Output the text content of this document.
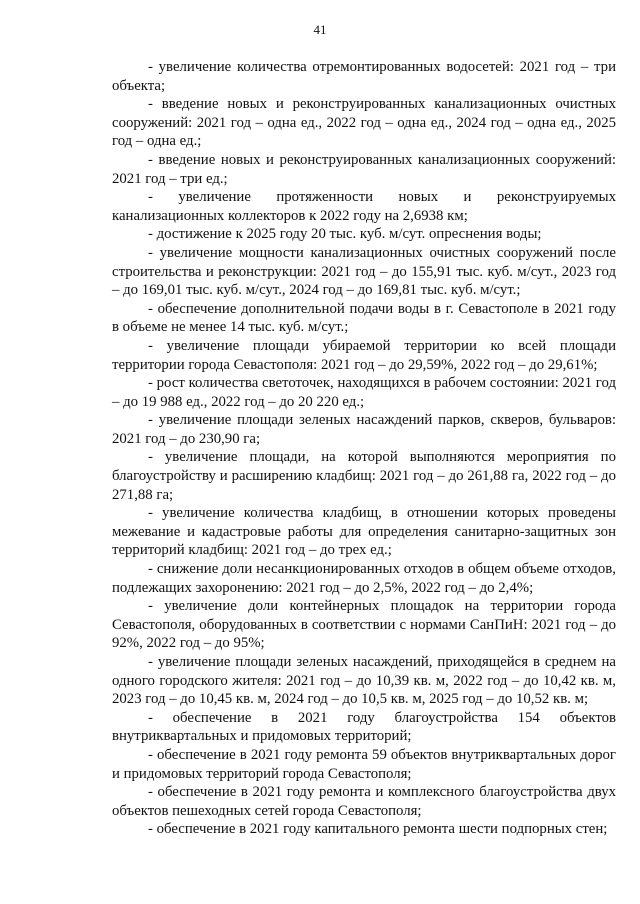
41

- увеличение количества отремонтированных водосетей: 2021 год – три объекта;

- введение новых и реконструированных канализационных очистных сооружений: 2021 год – одна ед., 2022 год – одна ед., 2024 год – одна ед., 2025 год – одна ед.;

- введение новых и реконструированных канализационных сооружений: 2021 год – три ед.;

- увеличение протяженности новых и реконструируемых канализационных коллекторов к 2022 году на 2,6938 км;

- достижение к 2025 году 20 тыс. куб. м/сут. опреснения воды;

- увеличение мощности канализационных очистных сооружений после строительства и реконструкции: 2021 год – до 155,91 тыс. куб. м/сут., 2023 год – до 169,01 тыс. куб. м/сут., 2024 год – до 169,81 тыс. куб. м/сут.;

- обеспечение дополнительной подачи воды в г. Севастополе в 2021 году в объеме не менее 14 тыс. куб. м/сут.;

- увеличение площади убираемой территории ко всей площади территории города Севастополя: 2021 год – до 29,59%, 2022 год – до 29,61%;

- рост количества светоточек, находящихся в рабочем состоянии: 2021 год – до 19 988 ед., 2022 год – до 20 220 ед.;

- увеличение площади зеленых насаждений парков, скверов, бульваров: 2021 год – до 230,90 га;

- увеличение площади, на которой выполняются мероприятия по благоустройству и расширению кладбищ: 2021 год – до 261,88 га, 2022 год – до 271,88 га;

- увеличение количества кладбищ, в отношении которых проведены межевание и кадастровые работы для определения санитарно-защитных зон территорий кладбищ: 2021 год – до трех ед.;

- снижение доли несанкционированных отходов в общем объеме отходов, подлежащих захоронению: 2021 год – до 2,5%, 2022 год – до 2,4%;

- увеличение доли контейнерных площадок на территории города Севастополя, оборудованных в соответствии с нормами СанПиН: 2021 год – до 92%, 2022 год – до 95%;

- увеличение площади зеленых насаждений, приходящейся в среднем на одного городского жителя: 2021 год – до 10,39 кв. м, 2022 год – до 10,42 кв. м, 2023 год – до 10,45 кв. м, 2024 год – до 10,5 кв. м, 2025 год – до 10,52 кв. м;

- обеспечение в 2021 году благоустройства 154 объектов внутриквартальных и придомовых территорий;

- обеспечение в 2021 году ремонта 59 объектов внутриквартальных дорог и придомовых территорий города Севастополя;

- обеспечение в 2021 году ремонта и комплексного благоустройства двух объектов пешеходных сетей города Севастополя;

- обеспечение в 2021 году капитального ремонта шести подпорных стен;
